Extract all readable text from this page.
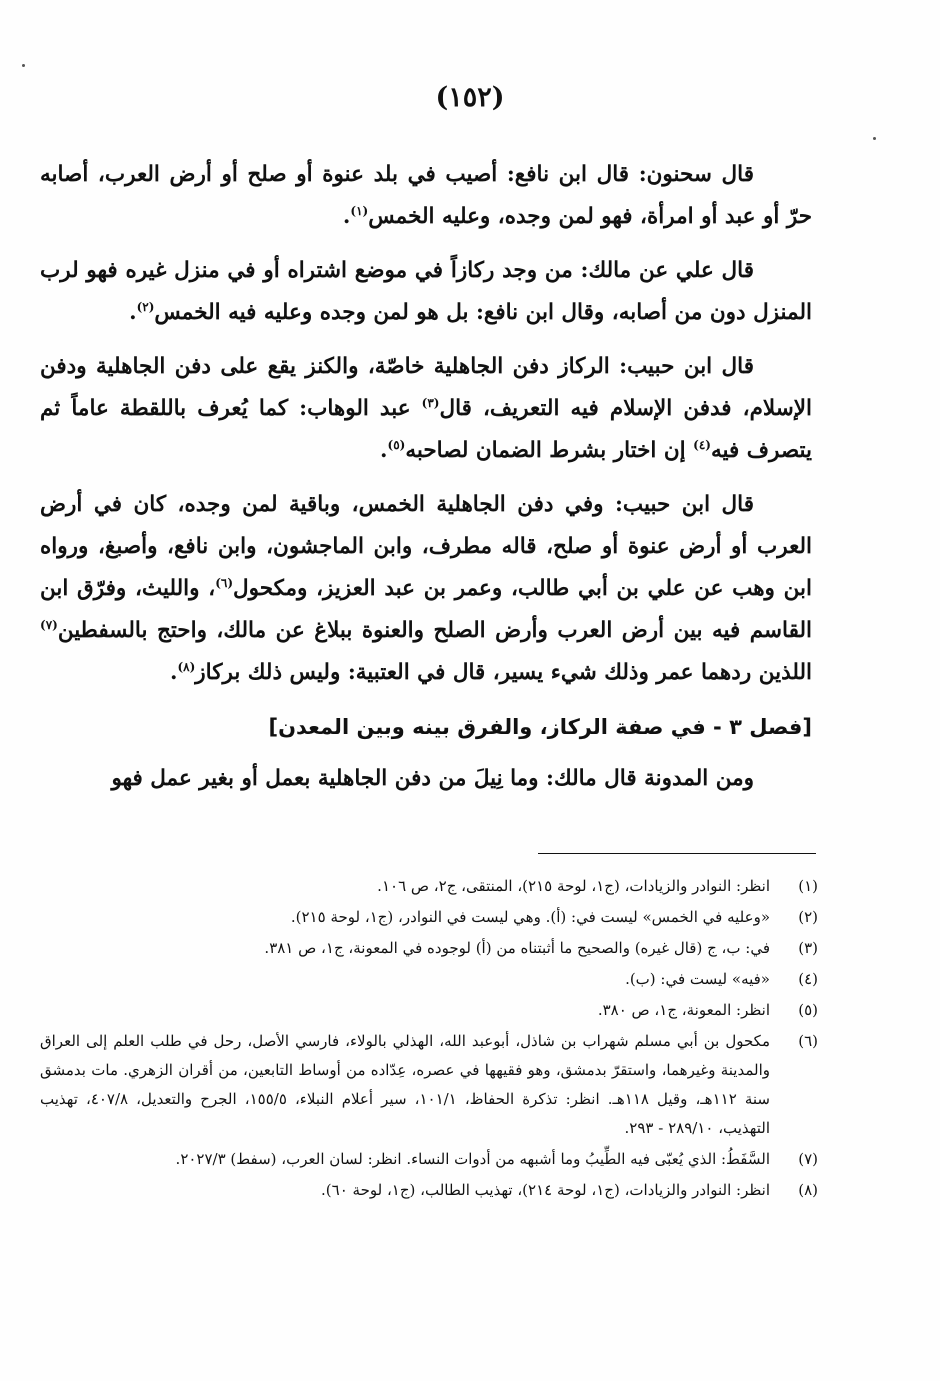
(١٥٢)

قال سحنون: قال ابن نافع: أصيب في بلد عنوة أو صلح أو أرض العرب، أصابه حرّ أو عبد أو امرأة، فهو لمن وجده، وعليه الخمس$^{(١)}$.

قال علي عن مالك: من وجد ركازاً في موضع اشتراه أو في منزل غيره فهو لرب المنزل دون من أصابه، وقال ابن نافع: بل هو لمن وجده وعليه فيه الخمس$^{(٢)}$.

قال ابن حبيب: الركاز دفن الجاهلية خاصّة، والكنز يقع على دفن الجاهلية ودفن الإسلام، فدفن الإسلام فيه التعريف، قال$^{(٣)}$ عبد الوهاب: كما يُعرف باللقطة عاماً ثم يتصرف فيه$^{(٤)}$ إن اختار بشرط الضمان لصاحبه$^{(٥)}$.

قال ابن حبيب: وفي دفن الجاهلية الخمس، وباقية لمن وجده، كان في أرض العرب أو أرض عنوة أو صلح، قاله مطرف، وابن الماجشون، وابن نافع، وأصبغ، ورواه ابن وهب عن علي بن أبي طالب، وعمر بن عبد العزيز، ومكحول$^{(٦)}$، والليث، وفرّق ابن القاسم فيه بين أرض العرب وأرض الصلح والعنوة ببلاغ عن مالك، واحتج بالسفطين$^{(٧)}$ اللذين ردهما عمر وذلك شيء يسير، قال في العتبية: وليس ذلك بركاز$^{(٨)}$.

[فصل ٣ - في صفة الركاز، والفرق بينه وبين المعدن]

ومن المدونة قال مالك: وما نِيلَ من دفن الجاهلية بعمل أو بغير عمل فهو

(١)
انظر: النوادر والزيادات، (ج١، لوحة ٢١٥)، المنتقى، ج٢، ص ١٠٦.
(٢)
«وعليه في الخمس» ليست في: (أ). وهي ليست في النوادر، (ج١، لوحة ٢١٥).
(٣)
في: ب، ج (قال غيره) والصحيح ما أثبتناه من (أ) لوجوده في المعونة، ج١، ص ٣٨١.
(٤)
«فيه» ليست في: (ب).
(٥)
انظر: المعونة، ج١، ص ٣٨٠.
(٦)
مكحول بن أبي مسلم شهراب بن شاذل، أبوعبد الله، الهذلي بالولاء، فارسي الأصل، رحل في طلب العلم إلى العراق والمدينة وغيرهما، واستقرّ بدمشق، وهو فقيهها في عصره، عِدّاده من أوساط التابعين، من أقران الزهري. مات بدمشق سنة ١١٢هـ، وقيل ١١٨هـ. انظر: تذكرة الحفاظ، ١٠١/١، سير أعلام النبلاء، ١٥٥/٥، الجرح والتعديل، ٤٠٧/٨، تهذيب التهذيب، ٢٨٩/١٠ - ٢٩٣.
(٧)
السَّفَطُ: الذي يُعبّى فيه الطِّيبُ وما أشبهه من أدوات النساء. انظر: لسان العرب، (سفط) ٢٠٢٧/٣.
(٨)
انظر: النوادر والزيادات، (ج١، لوحة ٢١٤)، تهذيب الطالب، (ج١، لوحة ٦٠).
